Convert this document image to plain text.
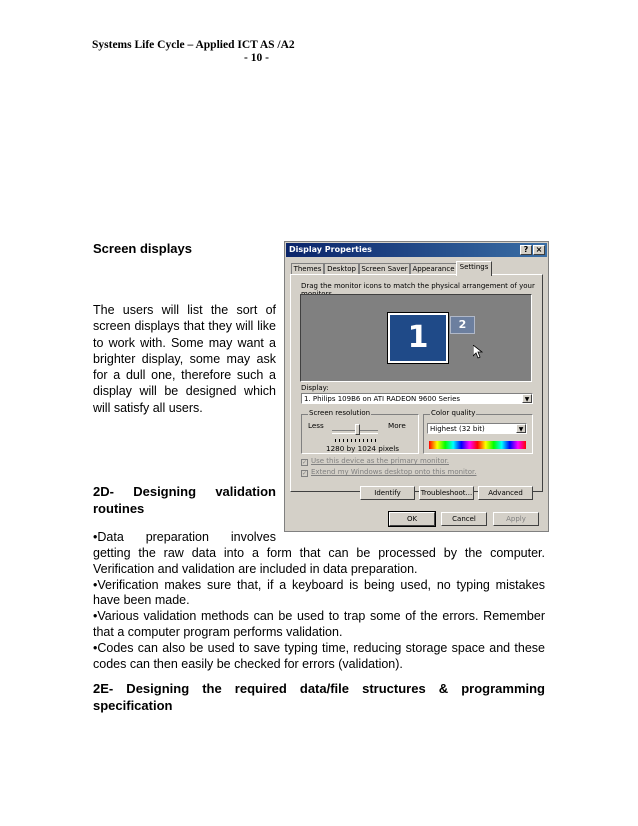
Systems Life Cycle – Applied ICT AS /A2
- 10 -
Screen displays
The users will list the sort of screen displays that they will like to work with. Some may want a brighter display, some may ask for a dull one, therefore such a display will be designed which will satisfy all users.
2D- Designing validation
routines
•Data preparation involves

getting the raw data into a form that can be processed by the computer. Verification and validation are included in data preparation.

•Verification makes sure that, if a keyboard is being used, no typing mistakes have been made.

•Various validation methods can be used to trap some of the errors. Remember that a computer program performs validation.

•Codes can also be used to save typing time, reducing storage space and these codes can then easily be checked for errors (validation).

2E- Designing the required data/file structures & programming specification
Display Properties	? ×
Themes Desktop Screen Saver Appearance Settings
Drag the monitor icons to match the physical arrangement of your
1	2
Display:
1. Philips 109B6 on ATI RADEON 9600 Series	▼
Screen resolution
Less	More
1280 by 1024 pixels
Color quality
Highest (32 bit)	▼
✓ Use this device as the primary monitor.
✓ Extend my Windows desktop onto this monitor.
Identify	Troubleshoot...	Advanced
OK	Cancel	Apply
